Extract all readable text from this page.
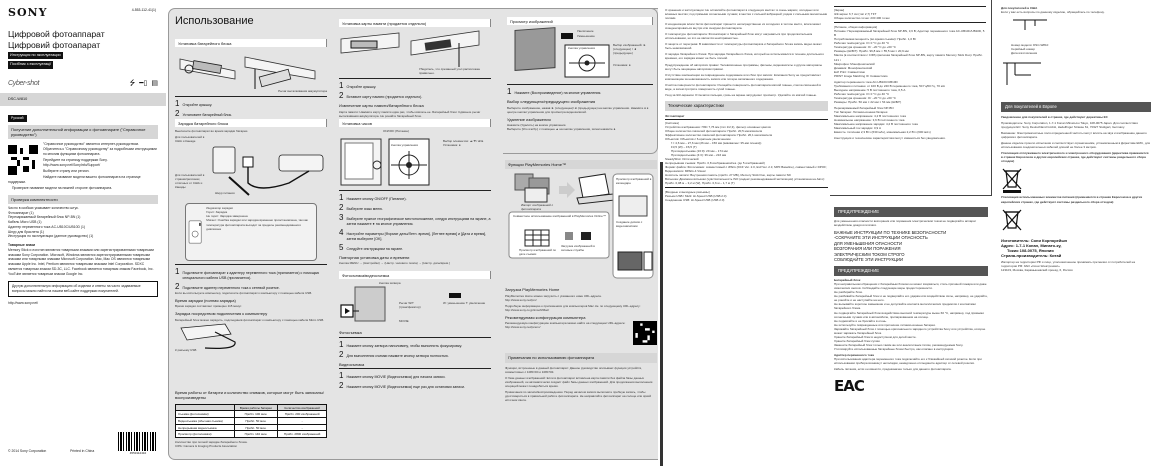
SONY	4-553-112-41(1)
Цифровой фотоаппарат
Цифровий фотоапарат
Инструкция по эксплуатации
Посібник з експлуатації
Cyber-shot	⭍ ━▯ ▤
DSC-W810
Русский
Получение дополнительной информации о фотоаппарате ("Справочное руководство")

"Справочное руководство" является интернет-руководством. Обратитесь к "Справочному руководству" за подробными инструкциями по многим функциям фотоаппарата.

Перейдите на страницу поддержки Sony. http://www.sony.net/SonyInfo/Support/

Выберите страну или регион.

Найдите название модели вашего фотоаппарата на странице поддержки.

Проверьте название модели на нижней стороне фотоаппарата.

Проверка комплектности
Число в скобках указывает количество штук.
Фотоаппарат (1)
Перезаряжаемый батарейный блок NP-BN (1)
Кабель Micro USB (1)
Адаптер переменного тока AC-UB10C/UB10D (1)
Шнур для браслета (1)
Инструкция по эксплуатации (данное руководство) (1)
Товарные знаки
Memory Stick и логотип являются товарными знаками или зарегистрированными товарными знаками Sony Corporation. Microsoft, Windows являются зарегистрированными товарными знаками или товарными знаками Microsoft Corporation. Mac, Mac OS являются товарными знаками Apple Inc. Intel, Pentium являются товарными знаками Intel Corporation. SDXC является товарным знаком SD-3C, LLC. Facebook является товарным знаком Facebook, Inc. YouTube является товарным знаком Google Inc.
Другую дополнительную информацию об изделии и ответы на часто задаваемые вопросы можно найти на нашем веб-сайте поддержки покупателей.
http://www.sony.net/
© 2014 Sony Corporation	Printed in China	4553112410
Использование
Установка батарейного блока
Рычаг выталкивания аккумулятора
1 Откройте крышку.
2 Установите батарейный блок.
Зарядка батарейного блока
Выключите фотоаппарат во время зарядки батареи.
Для пользователей в США и Канаде
Для пользователей в странах/регионах, отличных от США и Канады
Шнур питания
Индикатор зарядки
Горит: Зарядка
Не горит: Зарядка завершена
Мигает: Ошибка зарядки или зарядка временно приостановлена, так как температура фотоаппарата выходит за пределы рекомендованного диапазона
1 Подключите фотоаппарат к адаптеру переменного тока (прилагается) с помощью специального кабеля USB (прилагается).
2 Подключите адаптер переменного тока к сетевой розетке.
Если вы используете компьютер, подключите фотоаппарат к компьютеру с помощью кабеля USB.
Время зарядки (полная зарядка)
Время зарядки составляет примерно 115 минут.
Зарядка посредством подключения к компьютеру
Батарейный блок можно зарядить, подсоединив фотоаппарат к компьютеру с помощью кабеля Micro USB.
К разъему USB
Время работы от батареи и количество снимков, которые могут быть записаны/воспроизведены
	Время работы батареи	Количество изображений
Съемка (фотоснимки)	Прибл. 100 мин.	Прибл. 200 изображений
Видеосъемка (обычная съемка)	Прибл. 50 мин.	-
Непрерывная видеосъемка	Прибл. 50 мин.	-
Просмотр (фотоснимки)	Прибл. 140 мин.	Прибл. 2800 изображений
Количество при полной зарядке батарейного блока.
CIPA: Camera & Imaging Products Association
Установка карты памяти (продается отдельно)
Убедитесь, что срезанный угол расположен правильно.
1 Откройте крышку.
2 Вставьте карту памяти (продается отдельно).
Извлечение карты памяти/батарейного блока
Карта памяти: Нажмите карту памяти один раз, чтобы извлечь ее. Батарейный блок: Сдвиньте рычаг выталкивания аккумулятора. Не роняйте батарейный блок.
Установка часов
ON/OFF (Питание)
Кнопка управления
Выбор элементов: ▲/▼/◄/► Установка: ●
1 Нажмите кнопку ON/OFF (Питание).
2 Выберите язык меню.
3 Выберите нужное географическое местоположение, следуя инструкциям на экране, а затем нажмите ● на кнопке управления.
4 Настройте параметры [Формат даты/Летн. время], [Летнее время] и [Дата и время], затем выберите [OK].
5 Следуйте инструкциям на экране.
Повторная установка даты и времени
Кнопка MENU → (Настройки) → (Настр. часового пояса) → [Настр. даты/врем.]
Фотосъемка/видеосъемка
Кнопка затвора
Рычаг W/T (трансфокатор)
MOVIE
W: уменьшение T: увеличение
Фотосъемка
1 Нажмите кнопку затвора наполовину, чтобы выполнить фокусировку.
2 Для выполнения съемки нажмите кнопку затвора полностью.
Видеосъемка
1 Нажмите кнопку MOVIE (Видеосъемка) для начала записи.
2 Нажмите кнопку MOVIE (Видеосъемка) еще раз для остановки записи.
Просмотр изображений
Увеличение
Уменьшение
Кнопка управления
Выбор изображений: ► (следующее) / ◄ (предыдущее)
Установка: ●
1 Нажмите (Воспроизведение) на кнопке управления.
Выбор следующего/предыдущего изображения
Выберите изображение, нажав ► (следующее)/◄ (предыдущее) на кнопке управления. Нажмите ● в центре кнопки управления для просмотра видеозаписей.
Удаление изображения
Нажмите (Удалить) на кнопке управления.
Выберите [Это изобр.] с помощью ▲ на кнопке управления, затем нажмите ●.
Функции PlayMemories Home™
Импорт изображений с фотоаппарата
Просмотр изображений в календаре
Совместное использование изображений в PlayMemories Online™
Загрузка изображений в сетевые службы
Просмотр изображений по дате съемки
Создание дисков с видеозаписями
Загрузка PlayMemories Home
PlayMemories Home можно загрузить с указанного ниже URL-адреса.
http://www.sony.net/pm/
Подробную информацию о приложениях для компьютеров Mac см. по следующему URL-адресу: http://www.sony.co.jp/imsoft/Mac/
Рекомендуемая конфигурация компьютера
Рекомендуемую конфигурацию компьютера можно найти на следующем URL-адресе: http://www.sony.net/pcenv/
Примечания по использованию фотоаппарата

Функции, встроенные в данный фотоаппарат: Данное руководство описывает функции устройств, совместимых с 1080 60i и 1080 50i.

О базе данных изображений: Если в фотоаппарат вставлена карта памяти без файла базы данных изображений, он автоматически создаст файл базы данных изображений. Для продолжения выполнения операций может понадобиться время.

Примечания по записи/воспроизведению: Перед началом записи выполните пробную запись, чтобы удостовериться в правильной работе фотоаппарата. Не направляйте фотоаппарат на солнце или яркий источник света.

О хранении и эксплуатации: Не оставляйте фотоаппарат в следующих местах: в очень жарких, холодных или влажных местах; под прямыми солнечными лучами; в местах с сильной вибрацией; рядом с сильными магнитными полями.

О конденсации влаги: Если фотоаппарат принести непосредственно из холодного в теплое место, влага может сконденсироваться внутри или снаружи фотоаппарата.

О температуре фотоаппарата: Фотоаппарат и батарейный блок могут нагреваться при продолжительном использовании, но это не является неисправностью.

О защите от перегрева: В зависимости от температуры фотоаппарата и батарейного блока запись видео может быть невозможной.

О зарядке батарейного блока: При зарядке батарейного блока, который не использовался в течение длительного времени, его зарядка может не быть полной.

Предупреждение об авторских правах: Телевизионные программы, фильмы, видеокассеты и другие материалы могут быть защищены авторским правом.

Отсутствие компенсации за поврежденное содержание или сбои при записи: Компания Sony не предоставляет компенсацию за невозможность записи или потерю записанного содержания.

Очистка поверхности фотоаппарата: Очищайте поверхность фотоаппарата мягкой тканью, слегка смоченной в воде, а затем протрите поверхность сухой тканью.

Уход за ЖК-экраном: Отпечатки пальцев, грязь на экране затрудняют просмотр. Удаляйте их мягкой тканью.

Технические характеристики
Фотоаппарат
[Система]
Устройство изображения: ПЗС 7,76 мм (тип 1/2,3), фильтр основных цветов
Общее количество пикселей фотоаппарата: Прибл. 20,5 мегапикселя
Эффективное количество пикселей фотоаппарата: Прибл. 20,1 мегапикселя
Объектив: Объектив с 6-кратным увеличением
f = 4,6 мм – 27,6 мм (26 мм – 156 мм (эквивалент 35-мм пленки))
F3,5 (W) – F6,5 (T)
При видеосъемке (16:9): 29 мм – 174 мм
При видеосъемке (4:3): 36 мм – 216 мм
SteadyShot: Оптический
Непрерывная съемка: Прибл. 0,8 изображения/сек. (до 5 изображений)
Формат файла: Фотоснимки: совместимый с JPEG (DCF Ver. 2.0, Exif Ver. 2.3, MPF Baseline), совместимый с DPOF; Видеозаписи: MPEG-4 Visual
Носитель записи: Внутренняя память (прибл. 27 МБ), Memory Stick Duo, карты памяти SD
Вспышка: Диапазон вспышки (чувствительность ISO (индекс рекомендованной экспозиции) установлена на Авто): Прибл. 0,08 м – 3,2 м (W), Прибл. 0,6 м – 1,7 м (T)
[Входные и выходные разъемы]
Разъем USB / Multi: Hi-Speed USB (USB 2.0)
Соединение USB: Hi-Speed USB (USB 2.0)
[Экран]
ЖК-экран: 6,7 см (тип 2,7) TFT
Общее количество точек: 230 400 точек
[Питание, общая информация]
Питание: Перезаряжаемый батарейный блок NP-BN, 3,6 В; Адаптер переменного тока AC-UB10C/UB10D, 5 В
Потребляемая мощность (во время съемки): Прибл. 1,0 Вт
Рабочая температура: От 0 °C до 40 °C
Температура хранения: От –20 °C до +60 °C
Размеры (Ш/В/Г): Прибл. 96,8 мм × 55,5 мм × 20,9 мм
Масса (в соответствии с CIPA) (включая батарейный блок NP-BN, карту памяти Memory Stick Duo): Прибл. 121 г
Микрофон: Монофонический
Динамик: Монофонический
Exif Print: Совместимо
PRINT Image Matching III: Совместимо
Адаптер переменного тока AC-UB10C/UB10D
Требования к питанию: от 100 В до 240 В переменного тока, 50 Гц/60 Гц, 70 мА
Выходное напряжение: 5 В постоянного тока, 0,5 А
Рабочая температура: От 0 °C до 40 °C
Температура хранения: От –20 °C до +60 °C
Размеры: Прибл. 50 мм × 22 мм × 54 мм (Ш/В/Г)
Перезаряжаемый батарейный блок NP-BN
Тип батареи: Литиево-ионная батарея
Максимальное напряжение: 4,2 В постоянного тока
Номинальное напряжение: 3,6 В постоянного тока
Максимальное напряжение зарядки: 4,2 В постоянного тока
Максимальный ток зарядки: 0,9 A
Емкость: типичная 2,3 Втч (630 мАч), минимальная 2,2 Втч (600 мАч)
Конструкция и технические характеристики могут изменяться без уведомления.
ПРЕДУПРЕЖДЕНИЕ
Для уменьшения опасности возгорания или поражения электрическим током не подвергайте аппарат воздействию дождя или влаги.
ВАЖНЫЕ ИНСТРУКЦИИ ПО ТЕХНИКЕ БЕЗОПАСНОСТИ
-СОХРАНИТЕ ЭТИ ИНСТРУКЦИИ ОПАСНОСТЬ
ДЛЯ УМЕНЬШЕНИЯ ОПАСНОСТИ
ВОЗГОРАНИЯ ИЛИ ПОРАЖЕНИЯ
ЭЛЕКТРИЧЕСКИМ ТОКОМ СТРОГО
СОБЛЮДАЙТЕ ЭТИ ИНСТРУКЦИИ
ПРЕДУПРЕЖДЕНИЕ
Батарейный блок
При неправильном обращении с батарейным блоком он может взорваться, стать причиной пожара или даже химических ожогов. Соблюдайте следующие меры предосторожности.
Не разбирайте блок.
Не разбивайте батарейный блок и не подвергайте его ударам или воздействию силы, например, не ударяйте, не роняйте и не наступайте на него.
Не вызывайте короткое замыкание и не допускайте контакта металлических предметов с контактами батарейного блока.
Не подвергайте батарейный блок воздействию высокой температуры выше 60 °C, например, под прямыми солнечными лучами или в автомобиле, припаркованном на солнце.
Не поджигайте и не бросайте в огонь.
Не используйте поврежденные или протекшие литиево-ионные батареи.
Заряжайте батарейный блок с помощью оригинального зарядного устройства Sony или устройства, которое может заряжать батарейный блок.
Храните батарейный блок в недоступном для детей месте.
Храните батарейный блок сухим.
Замените батарейный блок только таким же или аналогичным типом, рекомендуемым Sony.
Утилизируйте использованные батарейные блоки быстро, как описано в инструкциях.
Адаптер переменного тока
При использовании адаптера переменного тока подключайте его к ближайшей сетевой розетке. Если при использовании прибора возникнут неполадки, немедленно отсоедините адаптер от сетевой розетки.
Кабель питания, если он имеется, предназначен только для данного фотоаппарата.
EAC
Для покупателей в США
Если у вас есть вопросы по данному изделию, обращайтесь по телефону.
Номер модели: DSC-W810
Серийный номер
Дата изготовления
Для покупателей в Европе

Уведомление для покупателей в странах, где действуют директивы ЕС

Производитель: Sony Corporation, 1-7-1 Konan Minato-ku Tokyo, 108-0075 Japan. Для соответствия продукции ЕС: Sony Deutschland GmbH, Hedelfinger Strasse 61, 70327 Stuttgart, Germany.

Внимание: Электромагнитные поля определенной частоты могут влиять на звук и изображение данного цифрового фотоаппарата.

Данное изделие прошло испытания и соответствует ограничениям, установленным в Директиве EMC, для использования соединительных кабелей длиной не более 3 метров.

Утилизация отслужившего электрического и электронного оборудования (директива применяется в странах Евросоюза и других европейских странах, где действуют системы раздельного сбора отходов)

Утилизация использованных элементов питания (применяется в странах Евросоюза и других европейских странах, где действуют системы раздельного сбора отходов)

Изготовитель: Сони Корпорейшн
Адрес: 1-7-1 Конан, Минато-ку,
Токио 108-0075, Япония
Страна-производитель: Китай
Импортер на территории РФ и лицо, уполномоченное принимать претензии от потребителей на территории РФ: ЗАО «Сони Электроникс»
123103, Москва, Карамышевский проезд, 6, Россия
